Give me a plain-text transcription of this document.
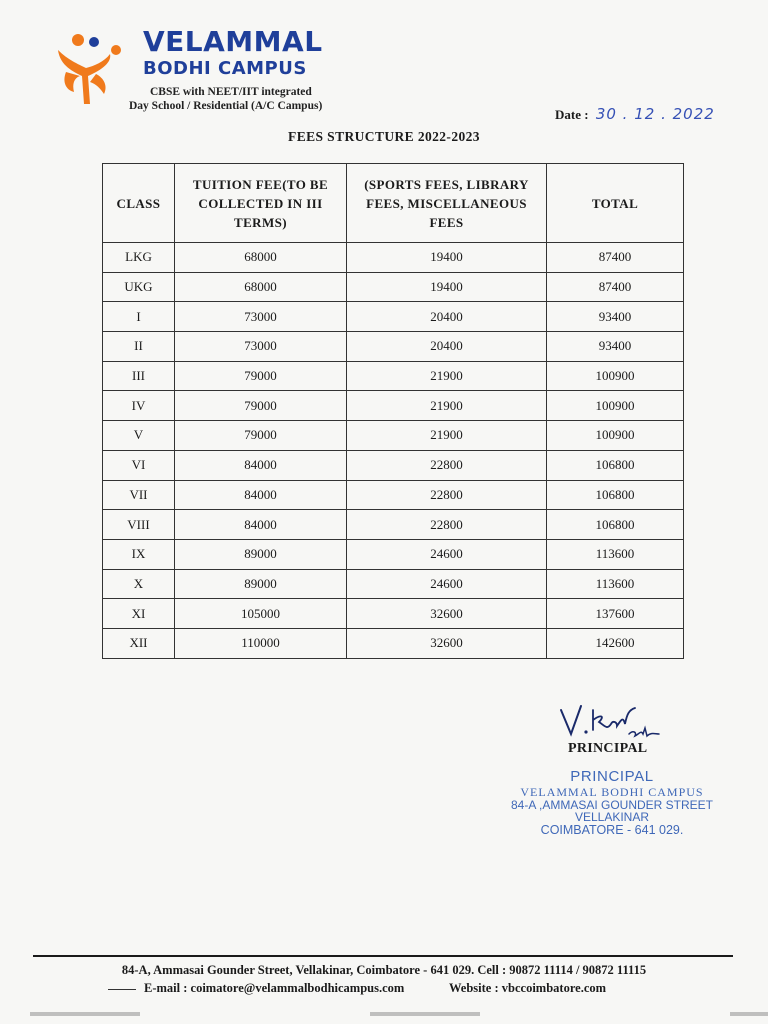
VELAMMAL
BODHI CAMPUS
CBSE with NEET/IIT integrated
Day School / Residential (A/C Campus)
Date : 30 . 12 . 2022
FEES STRUCTURE 2022-2023
CLASS	TUITION FEE(TO BE COLLECTED IN III TERMS)	(SPORTS FEES, LIBRARY FEES, MISCELLANEOUS FEES	TOTAL
LKG	68000	19400	87400
UKG	68000	19400	87400
I	73000	20400	93400
II	73000	20400	93400
III	79000	21900	100900
IV	79000	21900	100900
V	79000	21900	100900
VI	84000	22800	106800
VII	84000	22800	106800
VIII	84000	22800	106800
IX	89000	24600	113600
X	89000	24600	113600
XI	105000	32600	137600
XII	110000	32600	142600
PRINCIPAL
PRINCIPAL
VELAMMAL BODHI CAMPUS
84-A ,AMMASAI GOUNDER STREET
VELLAKINAR
COIMBATORE - 641 029.
84-A, Ammasai Gounder Street, Vellakinar, Coimbatore - 641 029. Cell : 90872 11114 / 90872 11115
E-mail : coimatore@velammalbodhicampus.com	Website : vbccoimbatore.com
